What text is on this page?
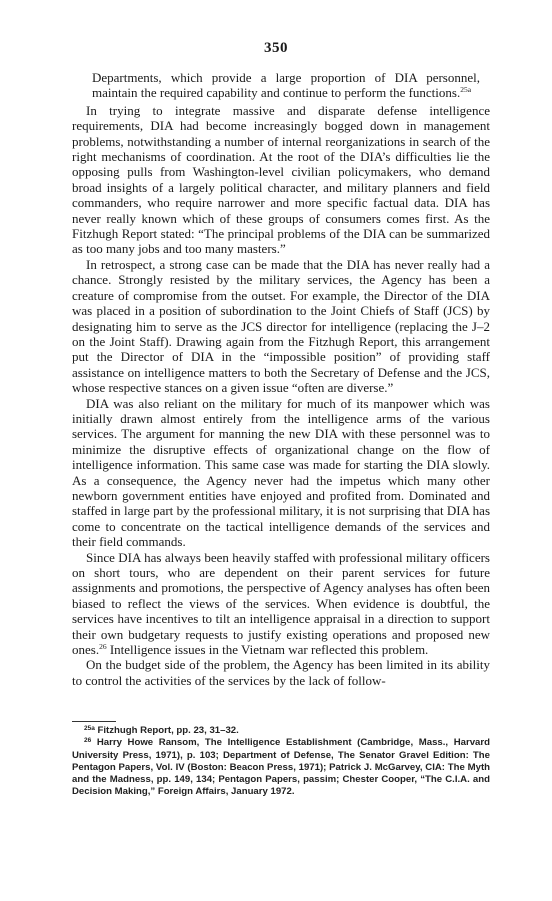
350

Departments, which provide a large proportion of DIA personnel, maintain the required capability and continue to perform the functions.$^{25a}$

In trying to integrate massive and disparate defense intelligence requirements, DIA had become increasingly bogged down in management problems, notwithstanding a number of internal reorganizations in search of the right mechanisms of coordination. At the root of the DIA’s difficulties lie the opposing pulls from Washington-level civilian policymakers, who demand broad insights of a largely political character, and military planners and field commanders, who require narrower and more specific factual data. DIA has never really known which of these groups of consumers comes first. As the Fitzhugh Report stated: “The principal problems of the DIA can be summarized as too many jobs and too many masters.”

In retrospect, a strong case can be made that the DIA has never really had a chance. Strongly resisted by the military services, the Agency has been a creature of compromise from the outset. For example, the Director of the DIA was placed in a position of subordination to the Joint Chiefs of Staff (JCS) by designating him to serve as the JCS director for intelligence (replacing the J–2 on the Joint Staff). Drawing again from the Fitzhugh Report, this arrangement put the Director of DIA in the “impossible position” of providing staff assistance on intelligence matters to both the Secretary of Defense and the JCS, whose respective stances on a given issue “often are diverse.”

DIA was also reliant on the military for much of its manpower which was initially drawn almost entirely from the intelligence arms of the various services. The argument for manning the new DIA with these personnel was to minimize the disruptive effects of organizational change on the flow of intelligence information. This same case was made for starting the DIA slowly. As a consequence, the Agency never had the impetus which many other newborn government entities have enjoyed and profited from. Dominated and staffed in large part by the professional military, it is not surprising that DIA has come to concentrate on the tactical intelligence demands of the services and their field commands.

Since DIA has always been heavily staffed with professional military officers on short tours, who are dependent on their parent services for future assignments and promotions, the perspective of Agency analyses has often been biased to reflect the views of the services. When evidence is doubtful, the services have incentives to tilt an intelligence appraisal in a direction to support their own budgetary requests to justify existing operations and proposed new ones.$^{26}$ Intelligence issues in the Vietnam war reflected this problem.

On the budget side of the problem, the Agency has been limited in its ability to control the activities of the services by the lack of follow-

$^{25a}$ Fitzhugh Report, pp. 23, 31–32.

$^{26}$ Harry Howe Ransom, The Intelligence Establishment (Cambridge, Mass., Harvard University Press, 1971), p. 103; Department of Defense, The Senator Gravel Edition: The Pentagon Papers, Vol. IV (Boston: Beacon Press, 1971); Patrick J. McGarvey, CIA: The Myth and the Madness, pp. 149, 134; Pentagon Papers, passim; Chester Cooper, “The C.I.A. and Decision Making,” Foreign Affairs, January 1972.
